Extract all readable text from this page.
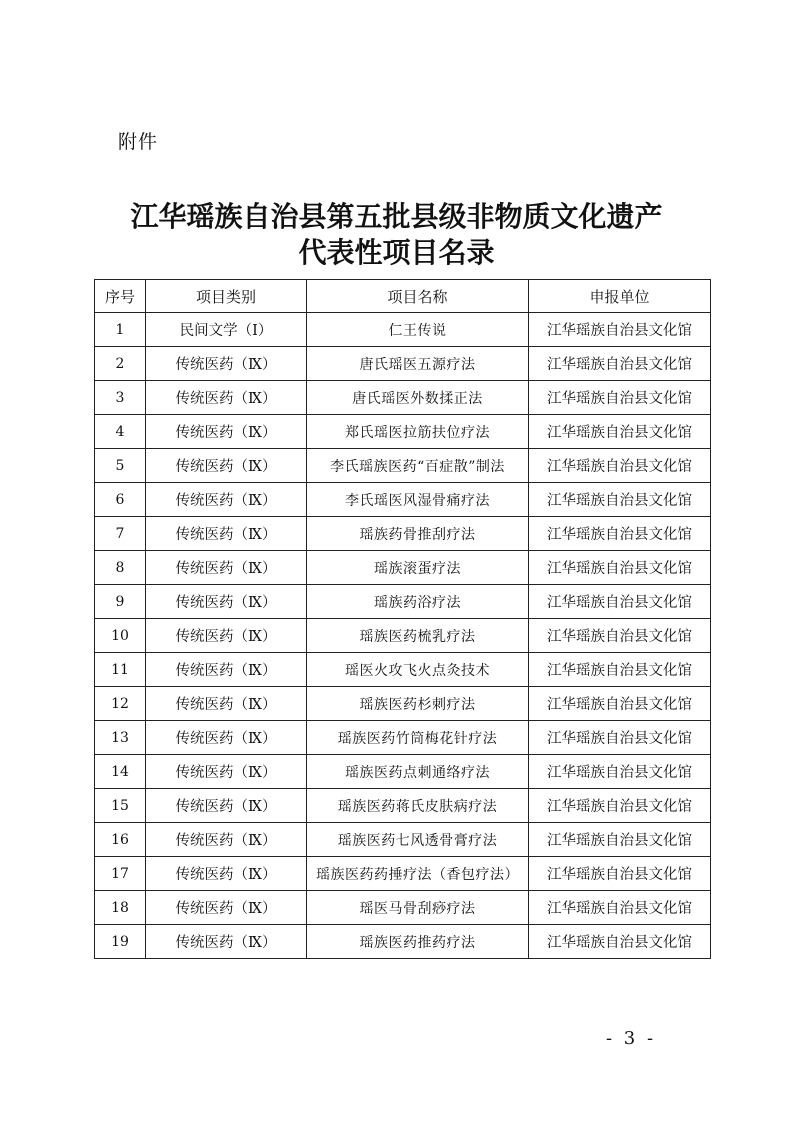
附件
江华瑶族自治县第五批县级非物质文化遗产
代表性项目名录
序号	项目类别	项目名称	申报单位
1	民间文学（Ⅰ）	仁王传说	江华瑶族自治县文化馆
2	传统医药（Ⅸ）	唐氏瑶医五源疗法	江华瑶族自治县文化馆
3	传统医药（Ⅸ）	唐氏瑶医外数揉正法	江华瑶族自治县文化馆
4	传统医药（Ⅸ）	郑氏瑶医拉筋扶位疗法	江华瑶族自治县文化馆
5	传统医药（Ⅸ）	李氏瑶族医药“百症散”制法	江华瑶族自治县文化馆
6	传统医药（Ⅸ）	李氏瑶医风湿骨痛疗法	江华瑶族自治县文化馆
7	传统医药（Ⅸ）	瑶族药骨推刮疗法	江华瑶族自治县文化馆
8	传统医药（Ⅸ）	瑶族滚蛋疗法	江华瑶族自治县文化馆
9	传统医药（Ⅸ）	瑶族药浴疗法	江华瑶族自治县文化馆
10	传统医药（Ⅸ）	瑶族医药梳乳疗法	江华瑶族自治县文化馆
11	传统医药（Ⅸ）	瑶医火攻飞火点灸技术	江华瑶族自治县文化馆
12	传统医药（Ⅸ）	瑶族医药杉刺疗法	江华瑶族自治县文化馆
13	传统医药（Ⅸ）	瑶族医药竹筒梅花针疗法	江华瑶族自治县文化馆
14	传统医药（Ⅸ）	瑶族医药点刺通络疗法	江华瑶族自治县文化馆
15	传统医药（Ⅸ）	瑶族医药蒋氏皮肤病疗法	江华瑶族自治县文化馆
16	传统医药（Ⅸ）	瑶族医药七风透骨膏疗法	江华瑶族自治县文化馆
17	传统医药（Ⅸ）	瑶族医药药捶疗法（香包疗法）	江华瑶族自治县文化馆
18	传统医药（Ⅸ）	瑶医马骨刮痧疗法	江华瑶族自治县文化馆
19	传统医药（Ⅸ）	瑶族医药推药疗法	江华瑶族自治县文化馆
- 3 -
